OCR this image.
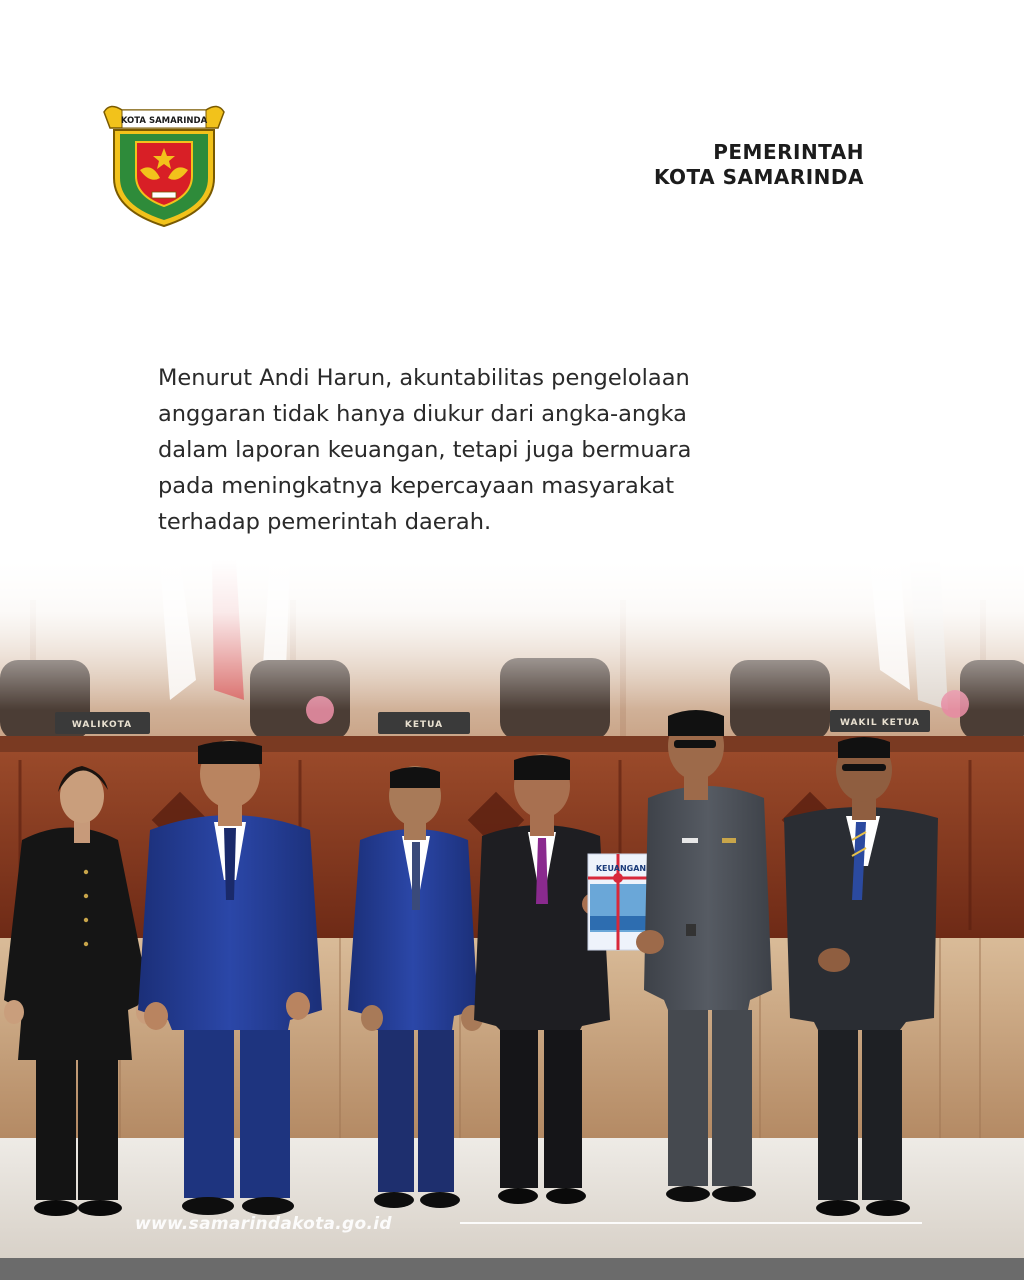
KOTA SAMARINDA
PEMERINTAH
KOTA SAMARINDA
Menurut Andi Harun, akuntabilitas pengelolaan
anggaran tidak hanya diukur dari angka-angka
dalam laporan keuangan, tetapi juga bermuara
pada meningkatnya kepercayaan masyarakat
terhadap pemerintah daerah.
WALIKOTA	KETUA	WAKIL KETUA
KEUANGAN
www.samarindakota.go.id
